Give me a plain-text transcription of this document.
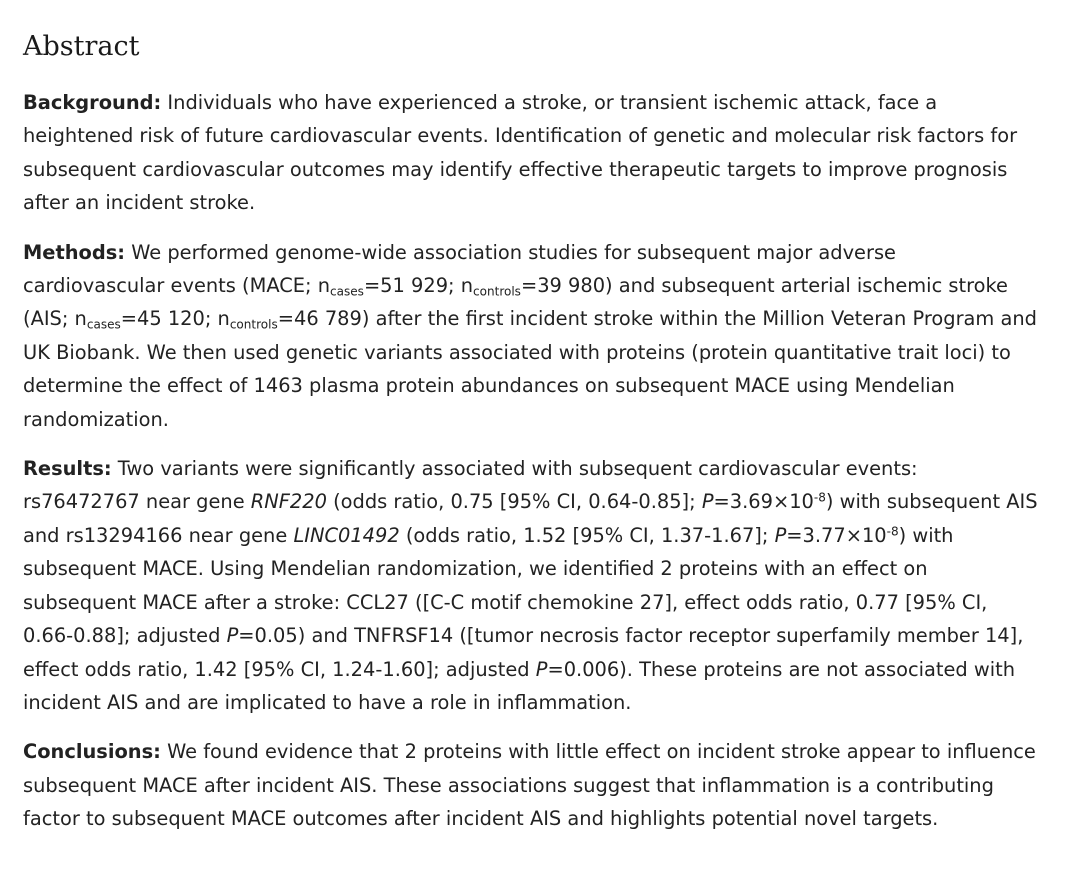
Abstract

Background: Individuals who have experienced a stroke, or transient ischemic attack, face a heightened risk of future cardiovascular events. Identification of genetic and molecular risk factors for subsequent cardiovascular outcomes may identify effective therapeutic targets to improve prognosis after an incident stroke.

Methods: We performed genome-wide association studies for subsequent major adverse cardiovascular events (MACE; $n_{cases}=51$ 929; $n_{controls}=39$ 980) and subsequent arterial ischemic stroke (AIS; $n_{cases}=45$ 120; $n_{controls}=46$ 789) after the first incident stroke within the Million Veteran Program and UK Biobank. We then used genetic variants associated with proteins (protein quantitative trait loci) to determine the effect of 1463 plasma protein abundances on subsequent MACE using Mendelian randomization.

Results: Two variants were significantly associated with subsequent cardiovascular events: rs76472767 near gene RNF220 (odds ratio, 0.75 [95% CI, 0.64-0.85]; $P=3.69\times 10^{-8}$) with subsequent AIS and rs13294166 near gene LINC01492 (odds ratio, 1.52 [95% CI, 1.37-1.67]; $P=3.77\times 10^{-8}$) with subsequent MACE. Using Mendelian randomization, we identified 2 proteins with an effect on subsequent MACE after a stroke: CCL27 ([C-C motif chemokine 27], effect odds ratio, 0.77 [95% CI, 0.66-0.88]; adjusted P=0.05) and TNFRSF14 ([tumor necrosis factor receptor superfamily member 14], effect odds ratio, 1.42 [95% CI, 1.24-1.60]; adjusted P=0.006). These proteins are not associated with incident AIS and are implicated to have a role in inflammation.

Conclusions: We found evidence that 2 proteins with little effect on incident stroke appear to influence subsequent MACE after incident AIS. These associations suggest that inflammation is a contributing factor to subsequent MACE outcomes after incident AIS and highlights potential novel targets.
